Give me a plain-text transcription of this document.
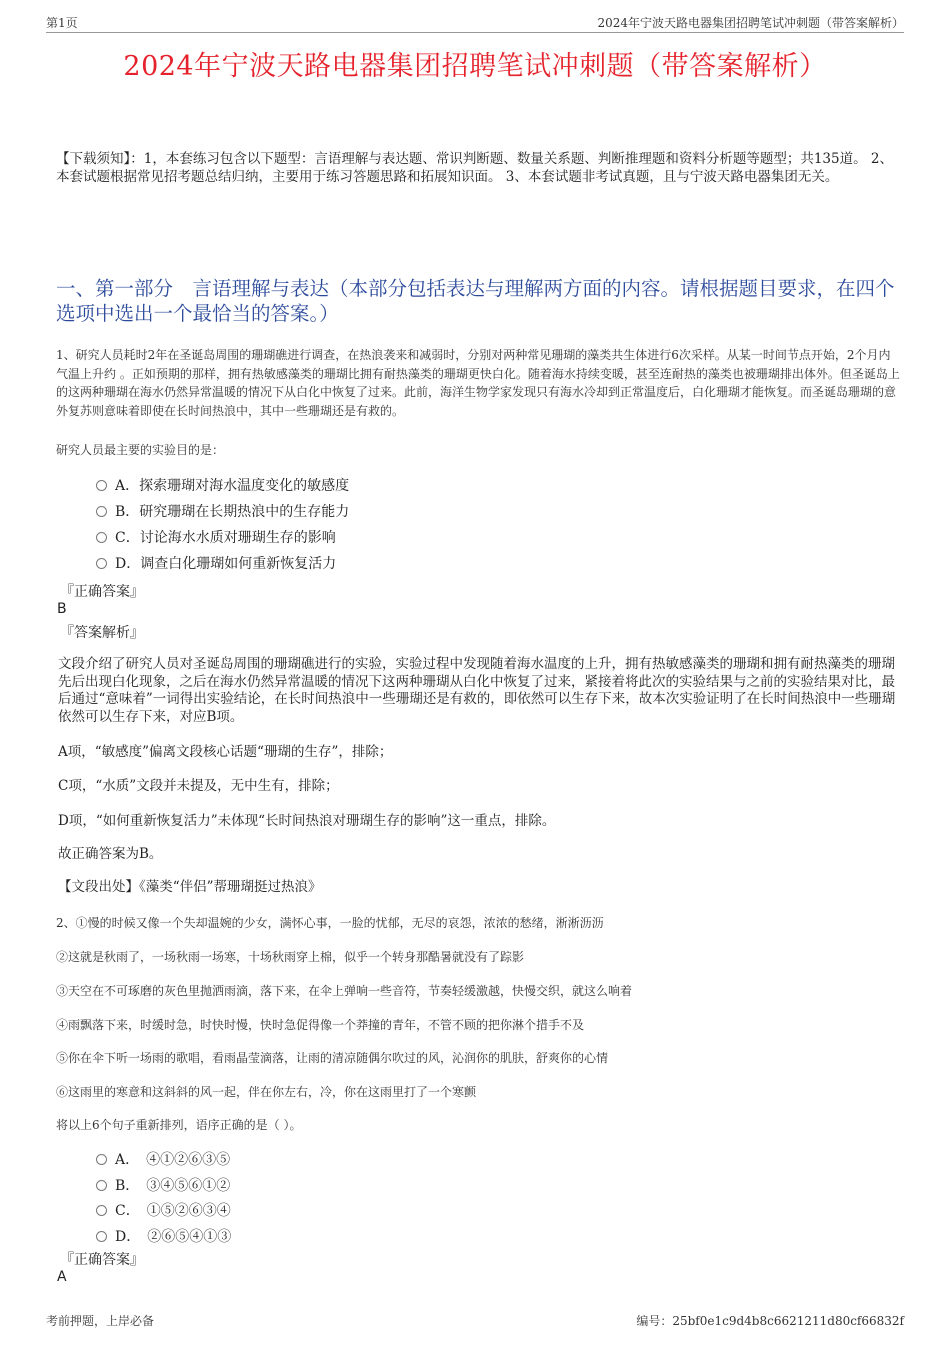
第1页	2024年宁波天路电器集团招聘笔试冲刺题（带答案解析）
2024年宁波天路电器集团招聘笔试冲刺题（带答案解析）
【下载须知】：1，本套练习包含以下题型：言语理解与表达题、常识判断题、数量关系题、判断推理题和资料分析题等题型；共135道。 2、本套试题根据常见招考题总结归纳，主要用于练习答题思路和拓展知识面。 3、本套试题非考试真题，且与宁波天路电器集团无关。
一、第一部分　言语理解与表达（本部分包括表达与理解两方面的内容。请根据题目要求，在四个选项中选出一个最恰当的答案。）
1、研究人员耗时2年在圣诞岛周围的珊瑚礁进行调查，在热浪袭来和减弱时，分别对两种常见珊瑚的藻类共生体进行6次采样。从某一时间节点开始，2个月内气温上升约 。正如预期的那样，拥有热敏感藻类的珊瑚比拥有耐热藻类的珊瑚更快白化。随着海水持续变暖，甚至连耐热的藻类也被珊瑚排出体外。但圣诞岛上的这两种珊瑚在海水仍然异常温暖的情况下从白化中恢复了过来。此前，海洋生物学家发现只有海水冷却到正常温度后，白化珊瑚才能恢复。而圣诞岛珊瑚的意外复苏则意味着即使在长时间热浪中，其中一些珊瑚还是有救的。
研究人员最主要的实验目的是：
A．探索珊瑚对海水温度变化的敏感度
B．研究珊瑚在长期热浪中的生存能力
C．讨论海水水质对珊瑚生存的影响
D．调查白化珊瑚如何重新恢复活力
『正确答案』
B
『答案解析』
文段介绍了研究人员对圣诞岛周围的珊瑚礁进行的实验，实验过程中发现随着海水温度的上升，拥有热敏感藻类的珊瑚和拥有耐热藻类的珊瑚先后出现白化现象，之后在海水仍然异常温暖的情况下这两种珊瑚从白化中恢复了过来，紧接着将此次的实验结果与之前的实验结果对比，最后通过“意味着”一词得出实验结论，在长时间热浪中一些珊瑚还是有救的，即依然可以生存下来，故本次实验证明了在长时间热浪中一些珊瑚依然可以生存下来，对应B项。
A项，“敏感度”偏离文段核心话题“珊瑚的生存”，排除；
C项，“水质”文段并未提及，无中生有，排除；
D项，“如何重新恢复活力”未体现“长时间热浪对珊瑚生存的影响”这一重点，排除。
故正确答案为B。
【文段出处】《藻类“伴侣”帮珊瑚挺过热浪》
2、①慢的时候又像一个失却温婉的少女，满怀心事，一脸的忧郁，无尽的哀怨，浓浓的愁绪，淅淅沥沥
②这就是秋雨了，一场秋雨一场寒，十场秋雨穿上棉，似乎一个转身那酷暑就没有了踪影
③天空在不可琢磨的灰色里抛洒雨滴，落下来，在伞上弹响一些音符，节奏轻缓激越，快慢交织，就这么响着
④雨飘落下来，时缓时急，时快时慢，快时急促得像一个莽撞的青年，不管不顾的把你淋个措手不及
⑤你在伞下听一场雨的歌唱，看雨晶莹滴落，让雨的清凉随偶尔吹过的风，沁润你的肌肤，舒爽你的心情
⑥这雨里的寒意和这斜斜的风一起，伴在你左右，冷，你在这雨里打了一个寒颤
将以上6个句子重新排列，语序正确的是（ ）。
A．　④①②⑥③⑤
B．　③④⑤⑥①②
C．　①⑤②⑥③④
D．　②⑥⑤④①③
『正确答案』
A
考前押题，上岸必备	编号：25bf0e1c9d4b8c6621211d80cf66832f
